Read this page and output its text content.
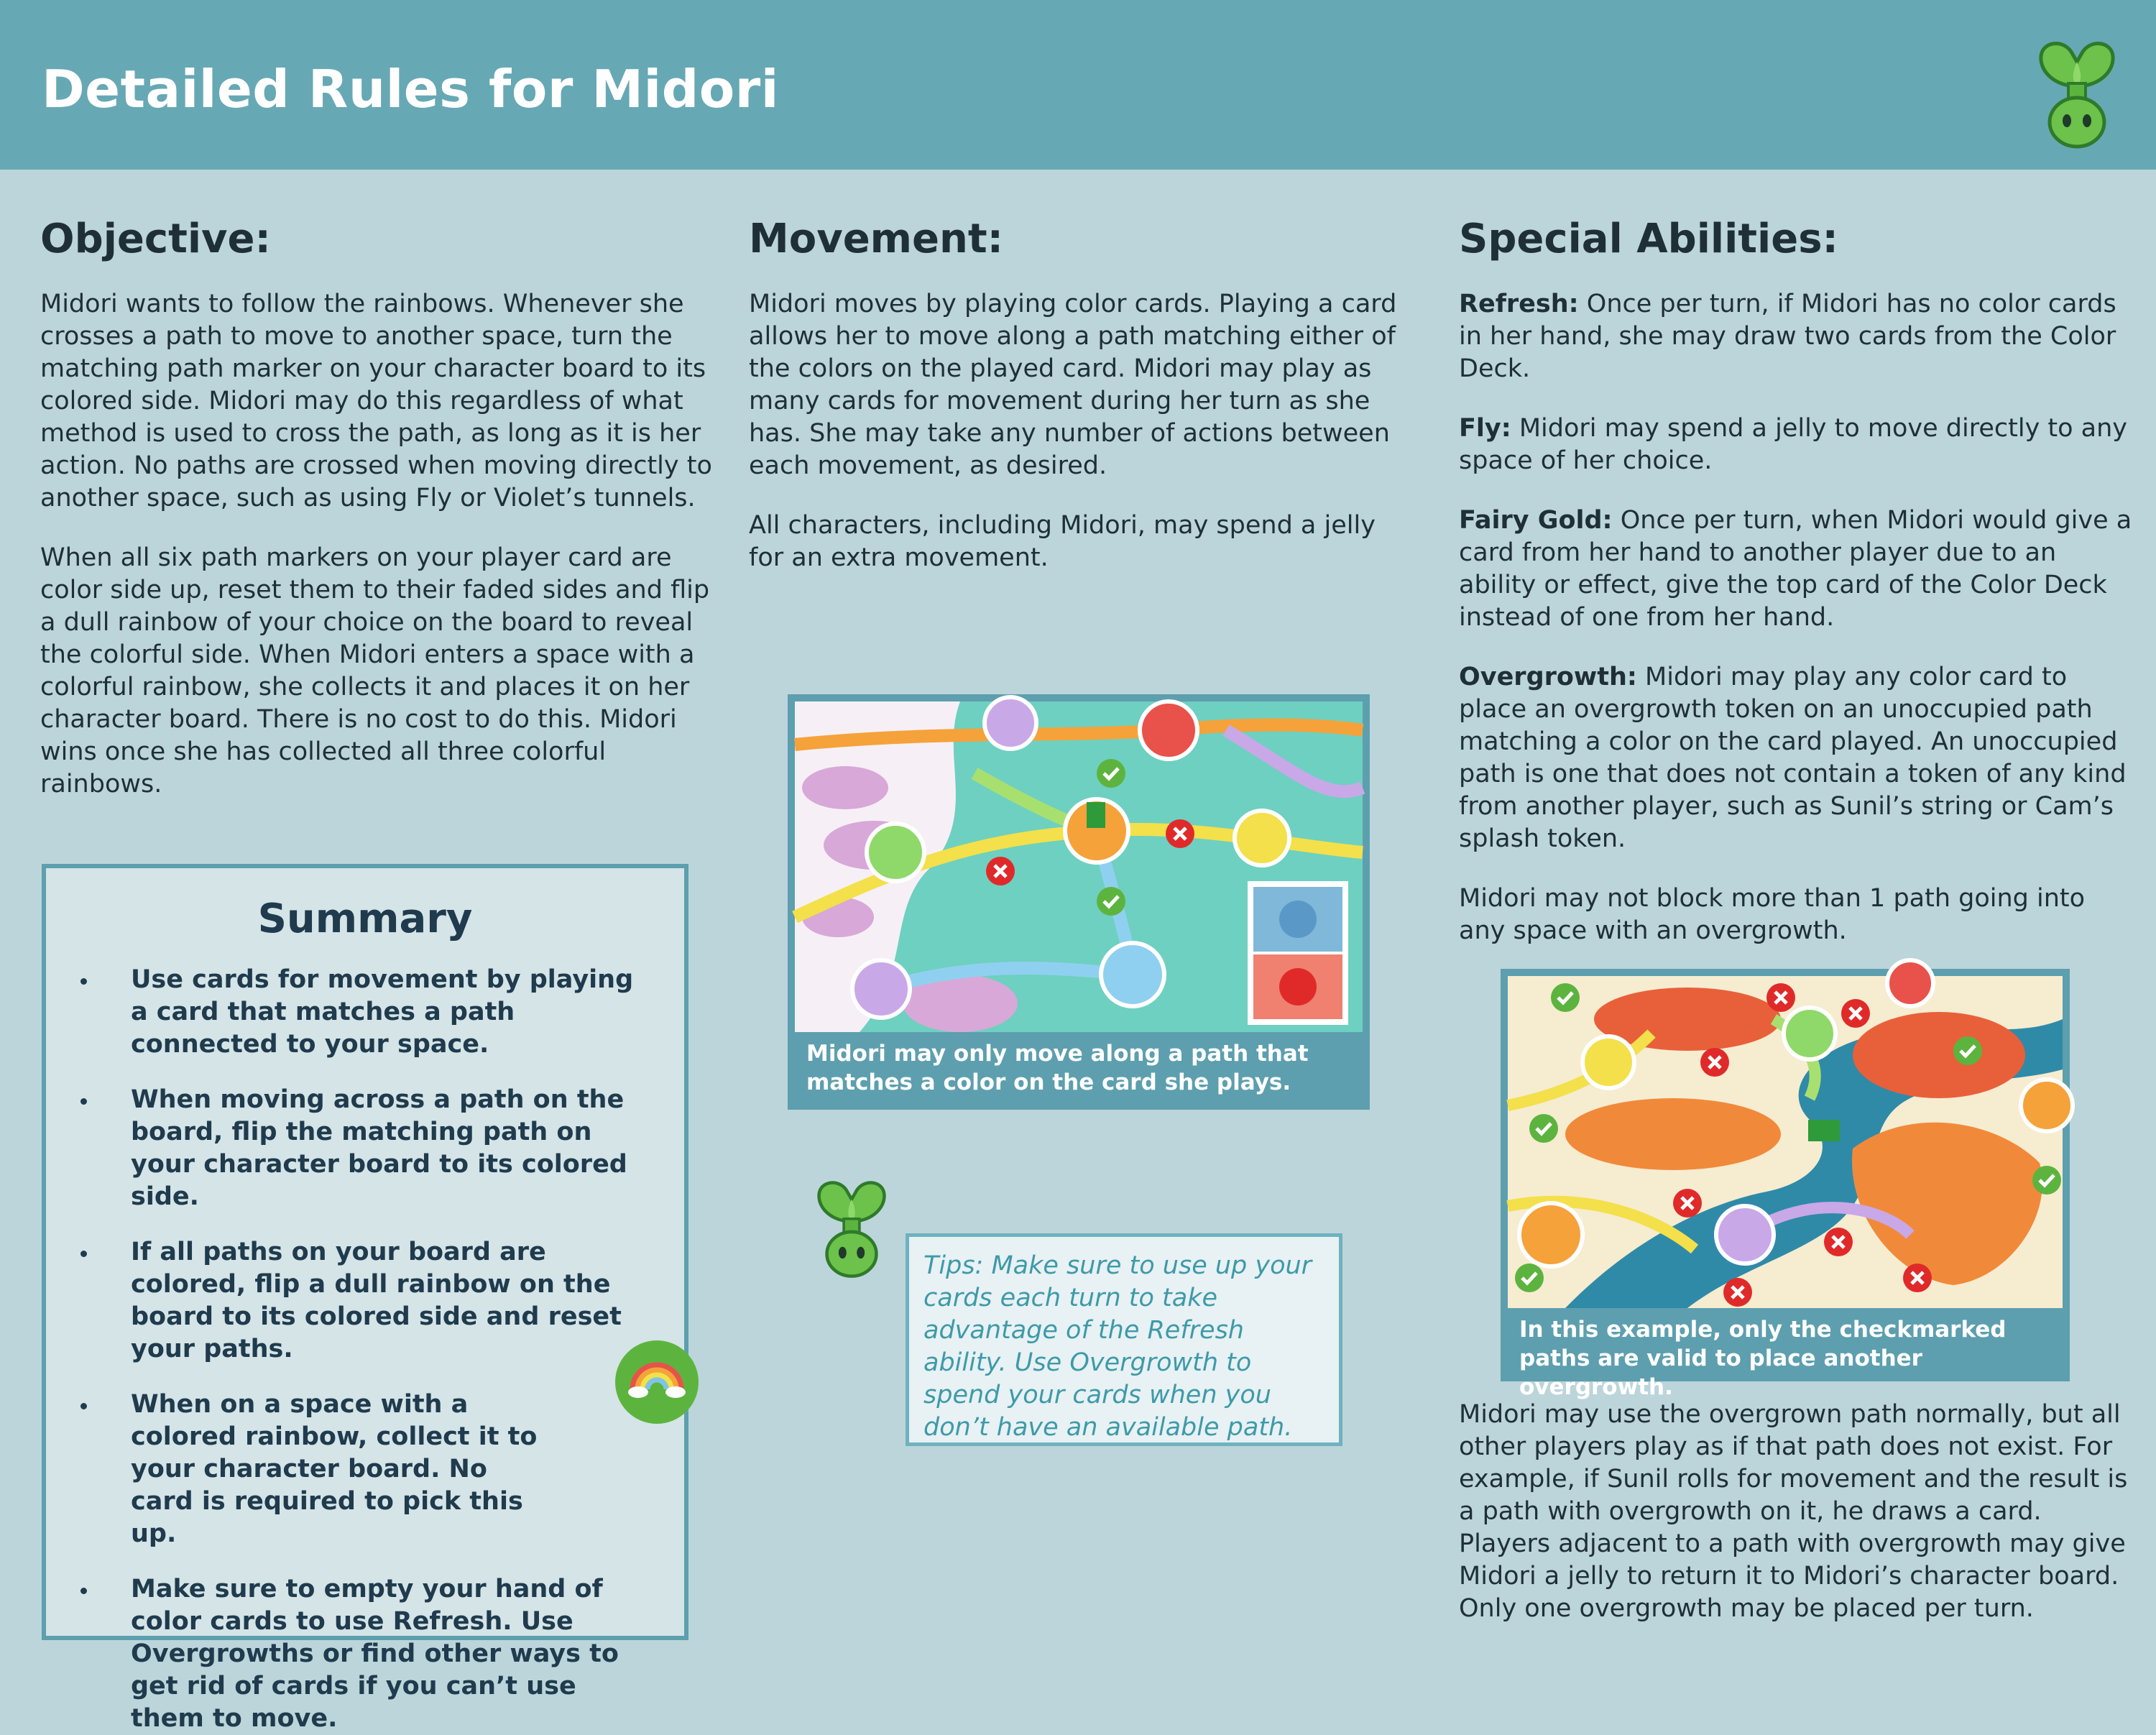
Detailed Rules for Midori
Objective:

Midori wants to follow the rainbows. Whenever she crosses a path to move to another space, turn the matching path marker on your character board to its colored side. Midori may do this regardless of what method is used to cross the path, as long as it is her action. No paths are crossed when moving directly to another space, such as using Fly or Violet’s tunnels.

When all six path markers on your player card are color side up, reset them to their faded sides and flip a dull rainbow of your choice on the board to reveal the colorful side. When Midori enters a space with a colorful rainbow, she collects it and places it on her character board. There is no cost to do this. Midori wins once she has collected all three colorful rainbows.

Summary
Use cards for movement by playing a card that matches a path connected to your space.
When moving across a path on the board, flip the matching path on your character board to its colored side.
If all paths on your board are colored, flip a dull rainbow on the board to its colored side and reset your paths.
When on a space with a colored rainbow, collect it to your character board. No card is required to pick this up.
Make sure to empty your hand of color cards to use Refresh. Use Overgrowths or find other ways to get rid of cards if you can’t use them to move.
Movement:

Midori moves by playing color cards. Playing a card allows her to move along a path matching either of the colors on the played card. Midori may play as many cards for movement during her turn as she has. She may take any number of actions between each movement, as desired.

All characters, including Midori, may spend a jelly for an extra movement.

Midori may only move along a path that matches a color on the card she plays.
Tips: Make sure to use up your cards each turn to take advantage of the Refresh ability. Use Overgrowth to spend your cards when you don’t have an available path.
Special Abilities:

Refresh: Once per turn, if Midori has no color cards in her hand, she may draw two cards from the Color Deck.

Fly: Midori may spend a jelly to move directly to any space of her choice.

Fairy Gold: Once per turn, when Midori would give a card from her hand to another player due to an ability or effect, give the top card of the Color Deck instead of one from her hand.

Overgrowth: Midori may play any color card to place an overgrowth token on an unoccupied path matching a color on the card played. An unoccupied path is one that does not contain a token of any kind from another player, such as Sunil’s string or Cam’s splash token.

Midori may not block more than 1 path going into any space with an overgrowth.

In this example, only the checkmarked paths are valid to place another overgrowth.

Midori may use the overgrown path normally, but all other players play as if that path does not exist. For example, if Sunil rolls for movement and the result is a path with overgrowth on it, he draws a card. Players adjacent to a path with overgrowth may give Midori a jelly to return it to Midori’s character board. Only one overgrowth may be placed per turn.
